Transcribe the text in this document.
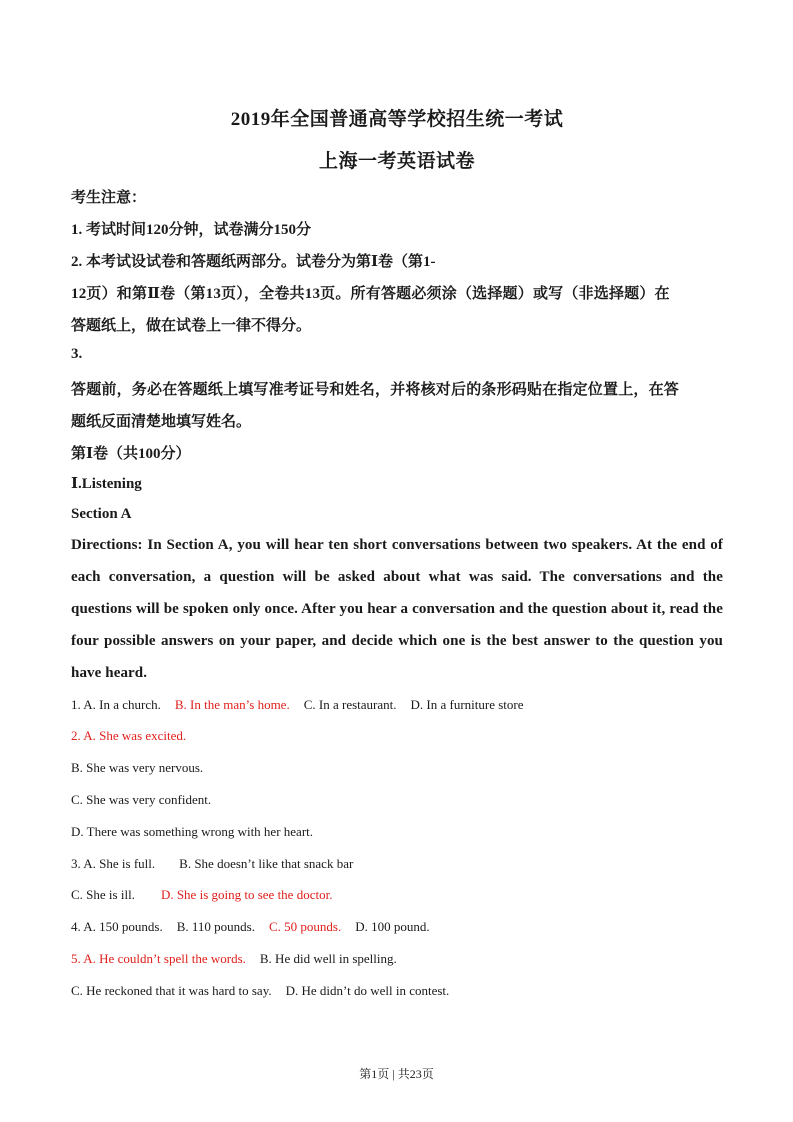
2019年全国普通高等学校招生统一考试
上海一考英语试卷
考生注意：
1. 考试时间120分钟，试卷满分150分
2. 本考试设试卷和答题纸两部分。试卷分为第Ⅰ卷（第1-
12页）和第Ⅱ卷（第13页），全卷共13页。所有答题必须涂（选择题）或写（非选择题）在
答题纸上，做在试卷上一律不得分。
3.
答题前，务必在答题纸上填写准考证号和姓名，并将核对后的条形码贴在指定位置上，在答
题纸反面清楚地填写姓名。
第Ⅰ卷（共100分）
Ⅰ.Listening
Section A
Directions: In Section A, you will hear ten short conversations between two speakers. At the end of each conversation, a question will be asked about what was said. The conversations and the questions will be spoken only once. After you hear a conversation and the question about it, read the four possible answers on your paper, and decide which one is the best answer to the question you have heard.
1. A. In a church. B. In the man’s home. C. In a restaurant. D. In a furniture store
2. A. She was excited.
B. She was very nervous.
C. She was very confident.
D. There was something wrong with her heart.
3. A. She is full. B. She doesn’t like that snack bar
C. She is ill. D. She is going to see the doctor.
4. A. 150 pounds. B. 110 pounds. C. 50 pounds. D. 100 pound.
5. A. He couldn’t spell the words. B. He did well in spelling.
C. He reckoned that it was hard to say. D. He didn’t do well in contest.
第1页 | 共23页
